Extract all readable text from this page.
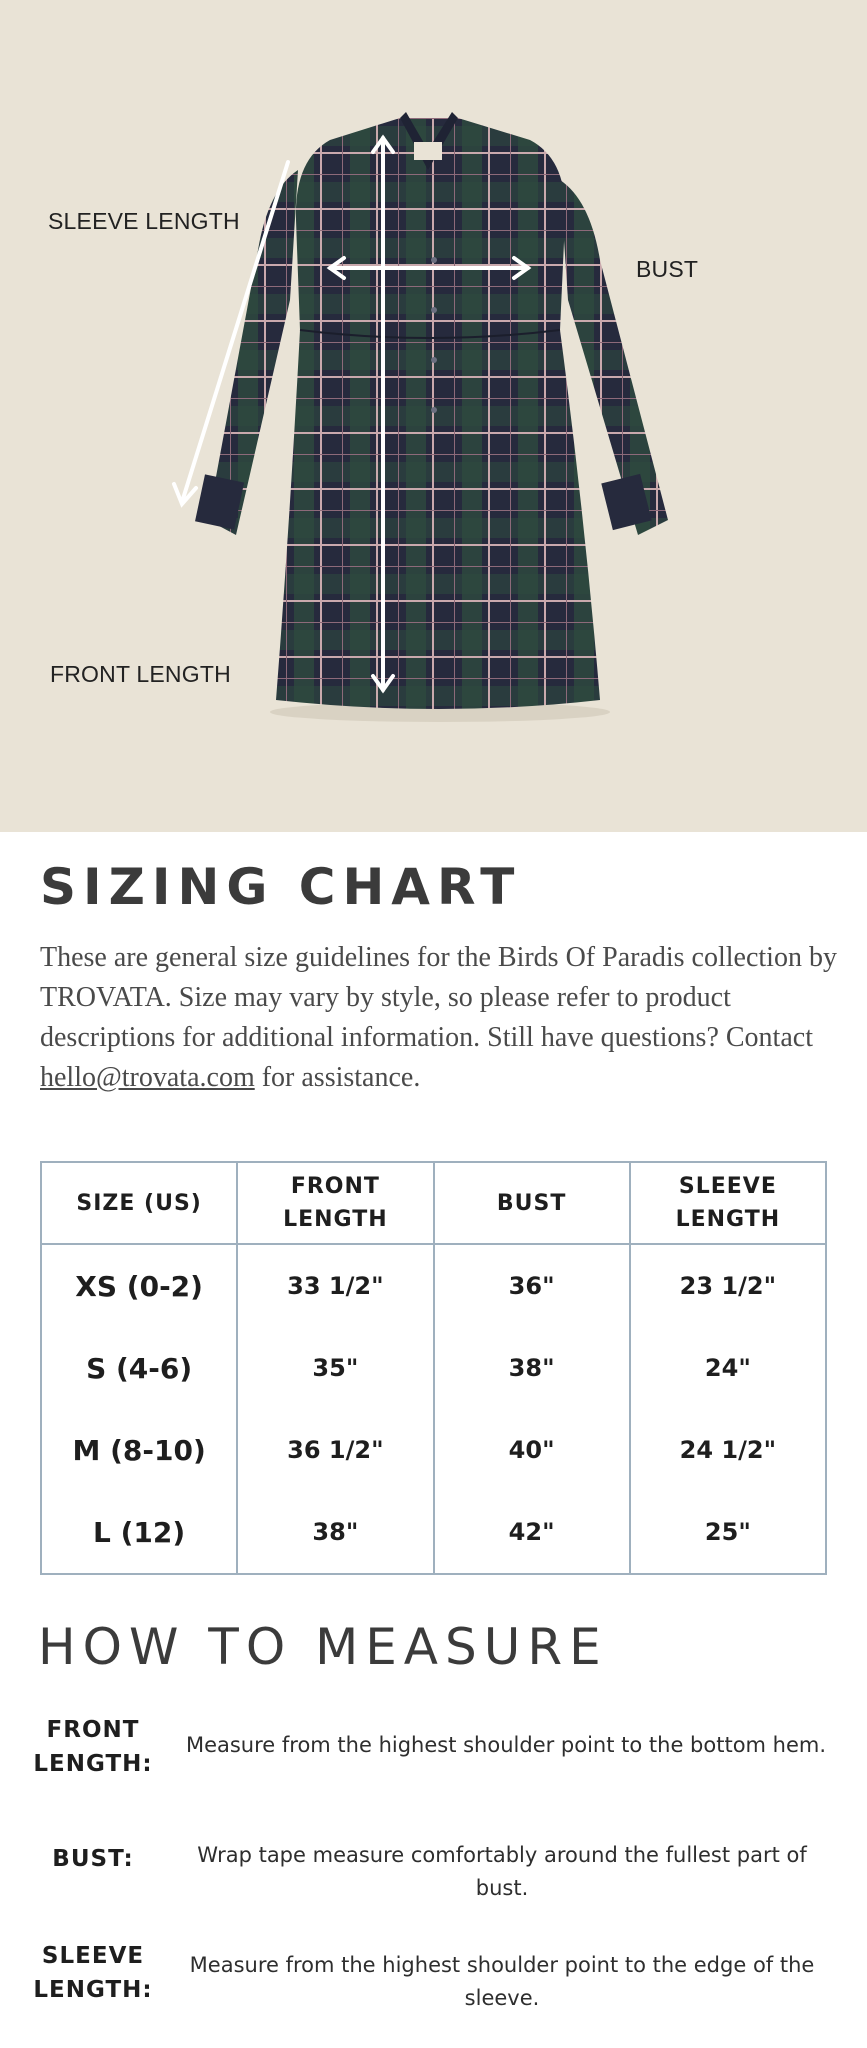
SLEEVE LENGTH
BUST
FRONT LENGTH
SIZING CHART
These are general size guidelines for the Birds Of Paradis collection by TROVATA. Size may vary by style, so please refer to product descriptions for additional information. Still have questions? Contact hello@trovata.com for assistance.
SIZE (US)	FRONT LENGTH	BUST	SLEEVE LENGTH
XS (0-2)	33 1/2"	36"	23 1/2"
S (4-6)	35"	38"	24"
M (8-10)	36 1/2"	40"	24 1/2"
L (12)	38"	42"	25"
HOW TO MEASURE
FRONT LENGTH:
Measure from the highest shoulder point to the bottom hem.
BUST:	Wrap tape measure comfortably around the fullest part of bust.
SLEEVE LENGTH:
Measure from the highest shoulder point to the edge of the sleeve.
